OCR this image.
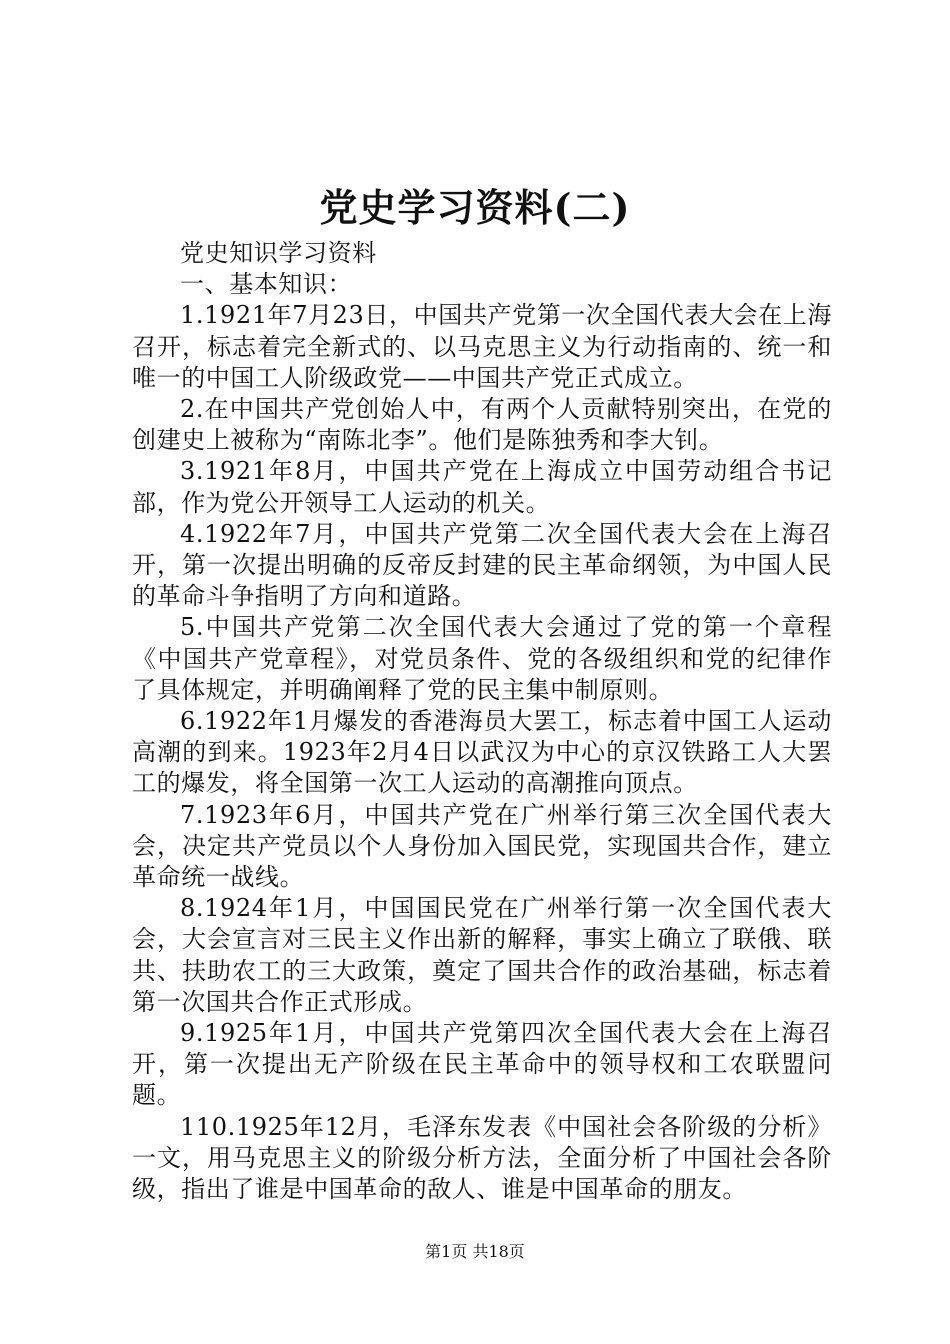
党史学习资料(二)

党史知识学习资料

一、基本知识：

1.1921年7月23日，中国共产党第一次全国代表大会在上海召开，标志着完全新式的、以马克思主义为行动指南的、统一和唯一的中国工人阶级政党——中国共产党正式成立。

2.在中国共产党创始人中，有两个人贡献特别突出，在党的创建史上被称为“南陈北李”。他们是陈独秀和李大钊。

3.1921年8月，中国共产党在上海成立中国劳动组合书记部，作为党公开领导工人运动的机关。

4.1922年7月，中国共产党第二次全国代表大会在上海召开，第一次提出明确的反帝反封建的民主革命纲领，为中国人民的革命斗争指明了方向和道路。

5.中国共产党第二次全国代表大会通过了党的第一个章程《中国共产党章程》，对党员条件、党的各级组织和党的纪律作了具体规定，并明确阐释了党的民主集中制原则。

6.1922年1月爆发的香港海员大罢工，标志着中国工人运动高潮的到来。1923年2月4日以武汉为中心的京汉铁路工人大罢工的爆发，将全国第一次工人运动的高潮推向顶点。

7.1923年6月，中国共产党在广州举行第三次全国代表大会，决定共产党员以个人身份加入国民党，实现国共合作，建立革命统一战线。

8.1924年1月，中国国民党在广州举行第一次全国代表大会，大会宣言对三民主义作出新的解释，事实上确立了联俄、联共、扶助农工的三大政策，奠定了国共合作的政治基础，标志着第一次国共合作正式形成。

9.1925年1月，中国共产党第四次全国代表大会在上海召开，第一次提出无产阶级在民主革命中的领导权和工农联盟问题。

110.1925年12月，毛泽东发表《中国社会各阶级的分析》一文，用马克思主义的阶级分析方法，全面分析了中国社会各阶级，指出了谁是中国革命的敌人、谁是中国革命的朋友。

第1页 共18页
